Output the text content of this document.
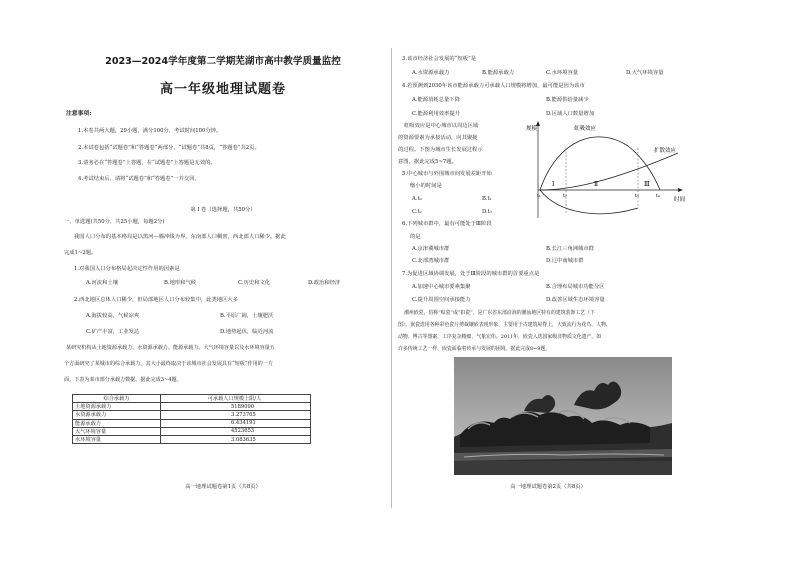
2023—2024学年度第二学期芜湖市高中教学质量监控
高一年级地理试题卷
注意事项:
1.本卷共两大题，29小题，满分100分，考试时间100分钟。
2.本试卷包括“试题卷”和“答题卷”两部分，“试题卷”共8页，“答题卷”共2页。
3.请务必在“答题卷”上答题，在“试题卷”上答题是无效的。
4.考试结束后，请将“试题卷”和“答题卷”一并交回。
第 Ⅰ 卷（选择题，共50分）
一、单选题(共50分，共25小题，每题2分)
我国人口分布的基本格局是以黑河—腾冲线为界，东南部人口稠密，西北部人口稀少。据此
完成1~2题。
1.对我国人口分布格局起决定性作用的因素是
A.河流和土壤	B.地形和气候	C.历史和文化	D.政治和经济
2.西北地区总体人口稀少，但局部地区人口分布较集中，此类地区大多
A.海拔较高，气候凉爽	B.平原广阔，土壤肥沃
C.矿产丰富，工业发达	D.地势起伏，临近河流
某研究机构从土地资源承载力、水资源承载力、能源承载力、大气环境容量以及水环境容量五
个方面研究了某城市的综合承载力，其大小最终取决于该城市社会发展具有“短板”作用的一方
面。下表为某市部分承载力数据。据此完成3~4题。
综合承载力	可承载人口规模上限/人
土地资源承载力	5189090
水资源承载力	3.273765
能源承载力	6.434191
大气环境容量	4523653
水环境容量	3.083635
高一地理试题卷第1页（共8页）
3.该市经济社会发展的“短板”是
A.水资源承载力	B.能源承载力	C.水环境容量	D.大气环境容量
4.若预测到2030年该市能源承载力可承载人口规模将增加，最可能是因为该市
A.能源消耗总量下降	B.能源供给量减少
C.能源利用效率提升	D.区域人口数量增加
虹吸效应是中心城市以周边区域
的资源要素为承接活动，向其聚拢
的过程。下图为城市生长发展过程示
意图。据此完成5~7题。
5.中心城市与外围城市间发展差距开始
缩小的时间是
A.t₀	B.t₁
C.t₂	D.t₃
6.下列城市群中，最有可能处于Ⅲ阶段
的是
A.京津冀城市群	B.长江三角洲城市群
C.北部湾城市群	D.辽中南城市群
7.为促进区域协调发展，处于Ⅲ阶段的城市群的首要重点是
A.加速中心城市要素集聚	B.合理布局城市功能分区
C.提升周围空间承接能力	D.改善区域生态环境容量
潮州嵌瓷，俗称“贴瓷”或“扣瓷”，是广东省东部沿海的潮汕地区特有的建筑装饰工艺（下
图）。嵌瓷选用各种彩色瓷片剪裁镶嵌表现形象，主要用于古建筑屋脊上，大致流行为花鸟、人物、
动物、博古等图案，工序复杂精细，气象宏伟。2011年，嵌瓷入选国家级非物质文化遗产。如
许多传统工艺一样，嵌瓷面临着传承与发展的困境。据此完成8~9题。
高一地理试题卷第2页（共8页）
规模	虹吸效应
扩散效应
时间
Ⅰ	Ⅱ	Ⅲ
t₁	t₂	t₃	t₄
